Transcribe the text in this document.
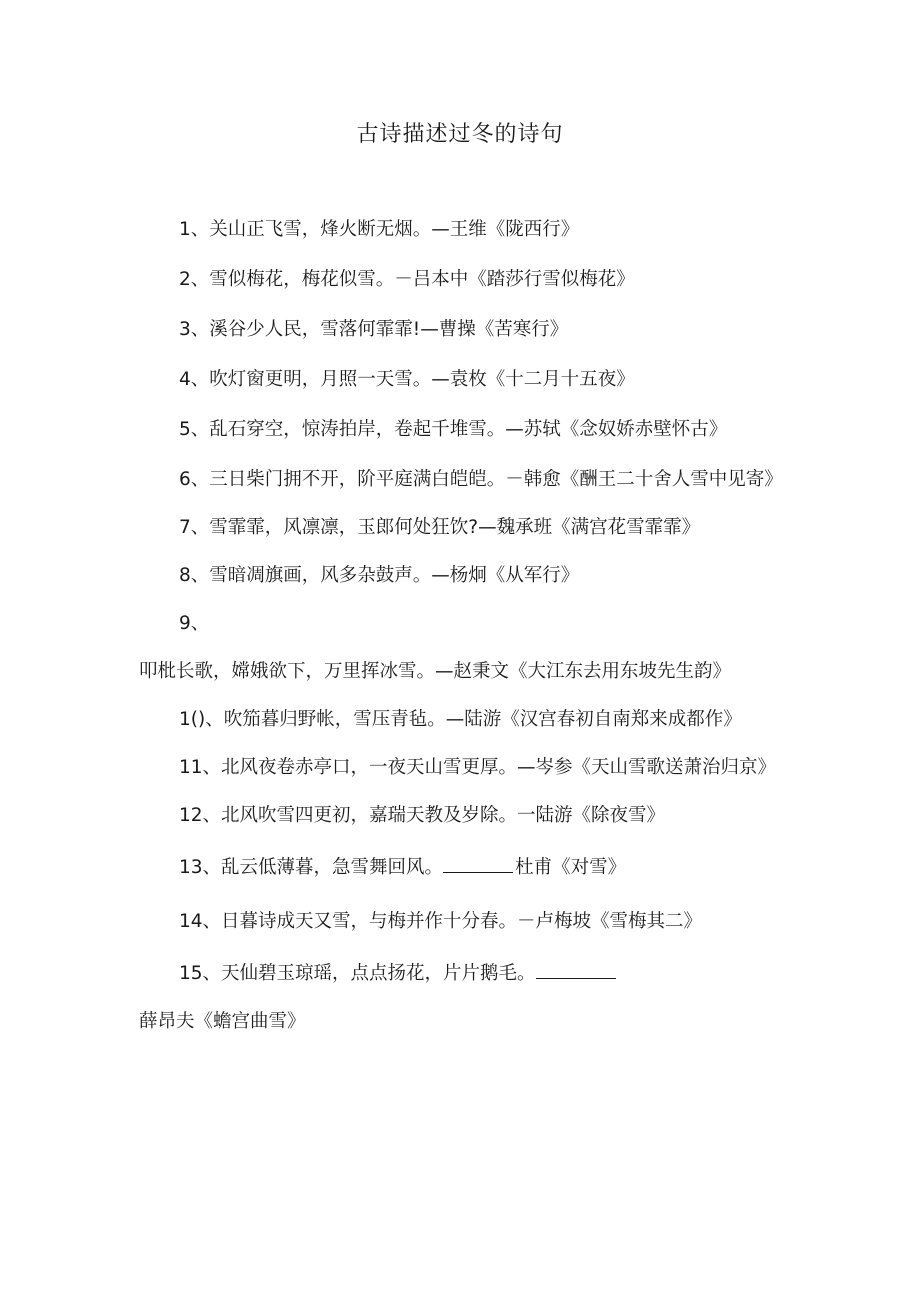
古诗描述过冬的诗句

1、关山正飞雪，烽火断无烟。—王维《陇西行》

2、雪似梅花，梅花似雪。－吕本中《踏莎行雪似梅花》

3、溪谷少人民，雪落何霏霏!—曹操《苦寒行》

4、吹灯窗更明，月照一天雪。—袁枚《十二月十五夜》

5、乱石穿空，惊涛拍岸，卷起千堆雪。—苏轼《念奴娇赤壁怀古》

6、三日柴门拥不开，阶平庭满白皑皑。－韩愈《酬王二十舍人雪中见寄》

7、雪霏霏，风凛凛，玉郎何处狂饮?—魏承班《满宫花雪霏霏》

8、雪暗凋旗画，风多杂鼓声。—杨炯《从军行》

9、叩枇长歌，嫦娥欲下，万里挥冰雪。—赵秉文《大江东去用东坡先生韵》

1()、吹笳暮归野帐，雪压青毡。—陆游《汉宫春初自南郑来成都作》

11、北风夜卷赤亭口，一夜天山雪更厚。—岑参《天山雪歌送萧治归京》

12、北风吹雪四更初，嘉瑞天教及岁除。一陆游《除夜雪》

13、乱云低薄暮，急雪舞回风。	杜甫《对雪》

14、日暮诗成天又雪，与梅并作十分春。－卢梅坡《雪梅其二》

15、天仙碧玉琼瑶，点点扬花，片片鹅毛。薛昂夫《蟾宫曲雪》
